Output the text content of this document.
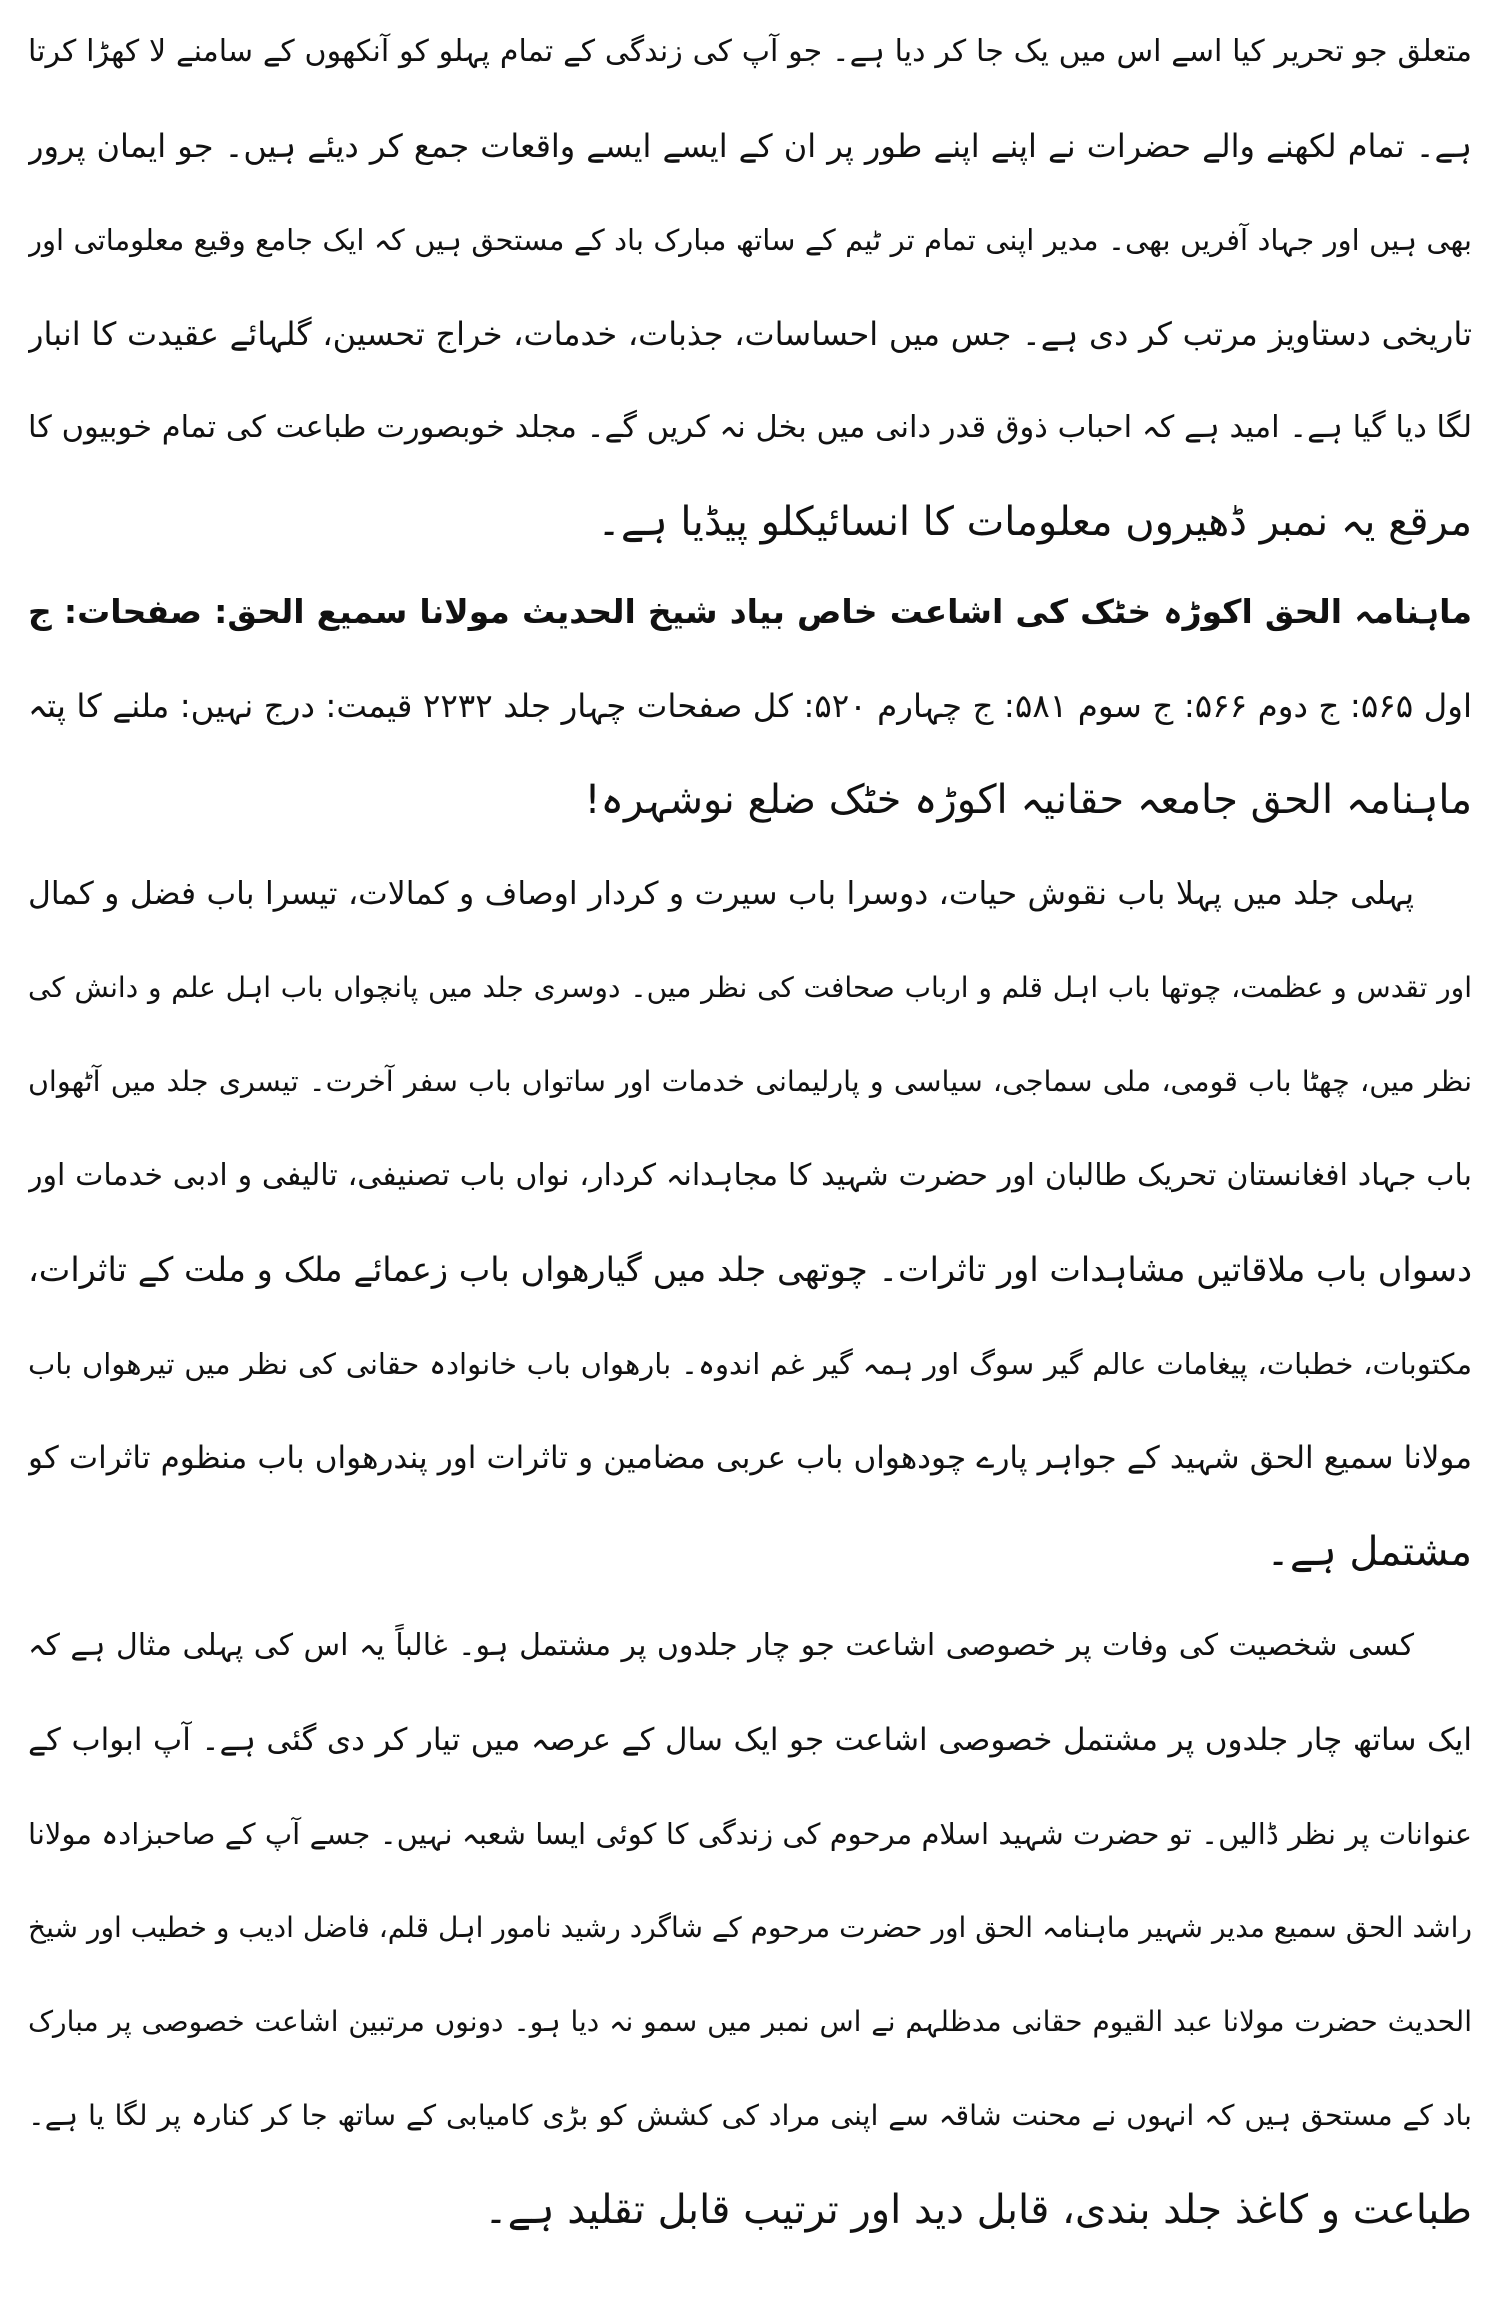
متعلق جو تحریر کیا اسے اس میں یک جا کر دیا ہے۔ جو آپ کی زندگی کے تمام پہلو کو آنکھوں کے سامنے لا کھڑا کرتا
ہے۔ تمام لکھنے والے حضرات نے اپنے اپنے طور پر ان کے ایسے ایسے واقعات جمع کر دیئے ہیں۔ جو ایمان پرور
بھی ہیں اور جہاد آفریں بھی۔ مدیر اپنی تمام تر ٹیم کے ساتھ مبارک باد کے مستحق ہیں کہ ایک جامع وقیع معلوماتی اور
تاریخی دستاویز مرتب کر دی ہے۔ جس میں احساسات، جذبات، خدمات، خراج تحسین، گلہائے عقیدت کا انبار
لگا دیا گیا ہے۔ امید ہے کہ احباب ذوق قدر دانی میں بخل نہ کریں گے۔ مجلد خوبصورت طباعت کی تمام خوبیوں کا
مرقع یہ نمبر ڈھیروں معلومات کا انسائیکلو پیڈیا ہے۔
ماہنامہ الحق اکوڑہ خٹک کی اشاعت خاص بیاد شیخ الحدیث مولانا سمیع الحق: صفحات: ج
اول ۵۶۵: ج دوم ۵۶۶: ج سوم ۵۸۱: ج چہارم ۵۲۰: کل صفحات چہار جلد ۲۲۳۲ قیمت: درج نہیں: ملنے کا پتہ
ماہنامہ الحق جامعہ حقانیہ اکوڑہ خٹک ضلع نوشہرہ!
پہلی جلد میں پہلا باب نقوش حیات، دوسرا باب سیرت و کردار اوصاف و کمالات، تیسرا باب فضل و کمال
اور تقدس و عظمت، چوتھا باب اہل قلم و ارباب صحافت کی نظر میں۔ دوسری جلد میں پانچواں باب اہل علم و دانش کی
نظر میں، چھٹا باب قومی، ملی سماجی، سیاسی و پارلیمانی خدمات اور ساتواں باب سفر آخرت۔ تیسری جلد میں آٹھواں
باب جہاد افغانستان تحریک طالبان اور حضرت شہید کا مجاہدانہ کردار، نواں باب تصنیفی، تالیفی و ادبی خدمات اور
دسواں باب ملاقاتیں مشاہدات اور تاثرات۔ چوتھی جلد میں گیارھواں باب زعمائے ملک و ملت کے تاثرات،
مکتوبات، خطبات، پیغامات عالم گیر سوگ اور ہمہ گیر غم اندوہ۔ بارھواں باب خانوادہ حقانی کی نظر میں تیرھواں باب
مولانا سمیع الحق شہید کے جواہر پارے چودھواں باب عربی مضامین و تاثرات اور پندرھواں باب منظوم تاثرات کو
مشتمل ہے۔
کسی شخصیت کی وفات پر خصوصی اشاعت جو چار جلدوں پر مشتمل ہو۔ غالباً یہ اس کی پہلی مثال ہے کہ
ایک ساتھ چار جلدوں پر مشتمل خصوصی اشاعت جو ایک سال کے عرصہ میں تیار کر دی گئی ہے۔ آپ ابواب کے
عنوانات پر نظر ڈالیں۔ تو حضرت شہید اسلام مرحوم کی زندگی کا کوئی ایسا شعبہ نہیں۔ جسے آپ کے صاحبزادہ مولانا
راشد الحق سمیع مدیر شہیر ماہنامہ الحق اور حضرت مرحوم کے شاگرد رشید نامور اہل قلم، فاضل ادیب و خطیب اور شیخ
الحدیث حضرت مولانا عبد القیوم حقانی مدظلہم نے اس نمبر میں سمو نہ دیا ہو۔ دونوں مرتبین اشاعت خصوصی پر مبارک
باد کے مستحق ہیں کہ انہوں نے محنت شاقہ سے اپنی مراد کی کشش کو بڑی کامیابی کے ساتھ جا کر کنارہ پر لگا یا ہے۔
طباعت و کاغذ جلد بندی، قابل دید اور ترتیب قابل تقلید ہے۔
